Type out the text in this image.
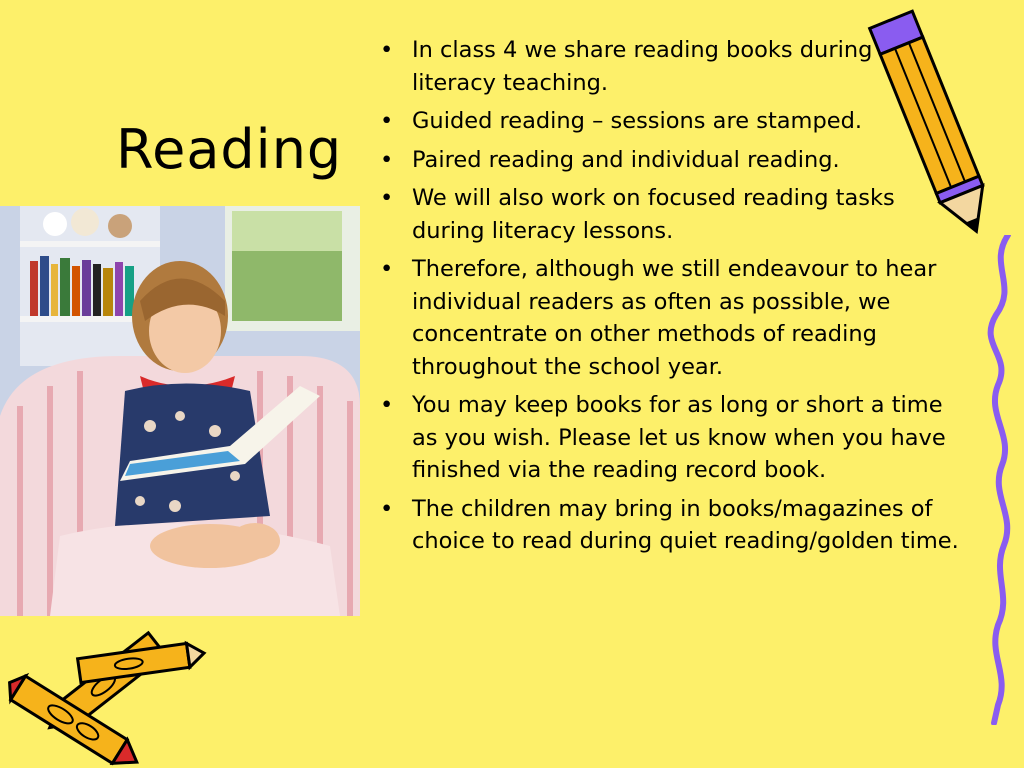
Reading
• In class 4 we share reading books during literacy teaching.
• Guided reading – sessions are stamped.
• Paired reading and individual reading.
• We will also work on focused reading tasks during literacy lessons.
• Therefore, although we still endeavour to hear individual readers as often as possible, we concentrate on other methods of reading throughout the school year.
• You may keep books for as long or short a time as you wish. Please let us know when you have finished via the reading record book.
• The children may bring in books/magazines of choice to read during quiet reading/golden time.
